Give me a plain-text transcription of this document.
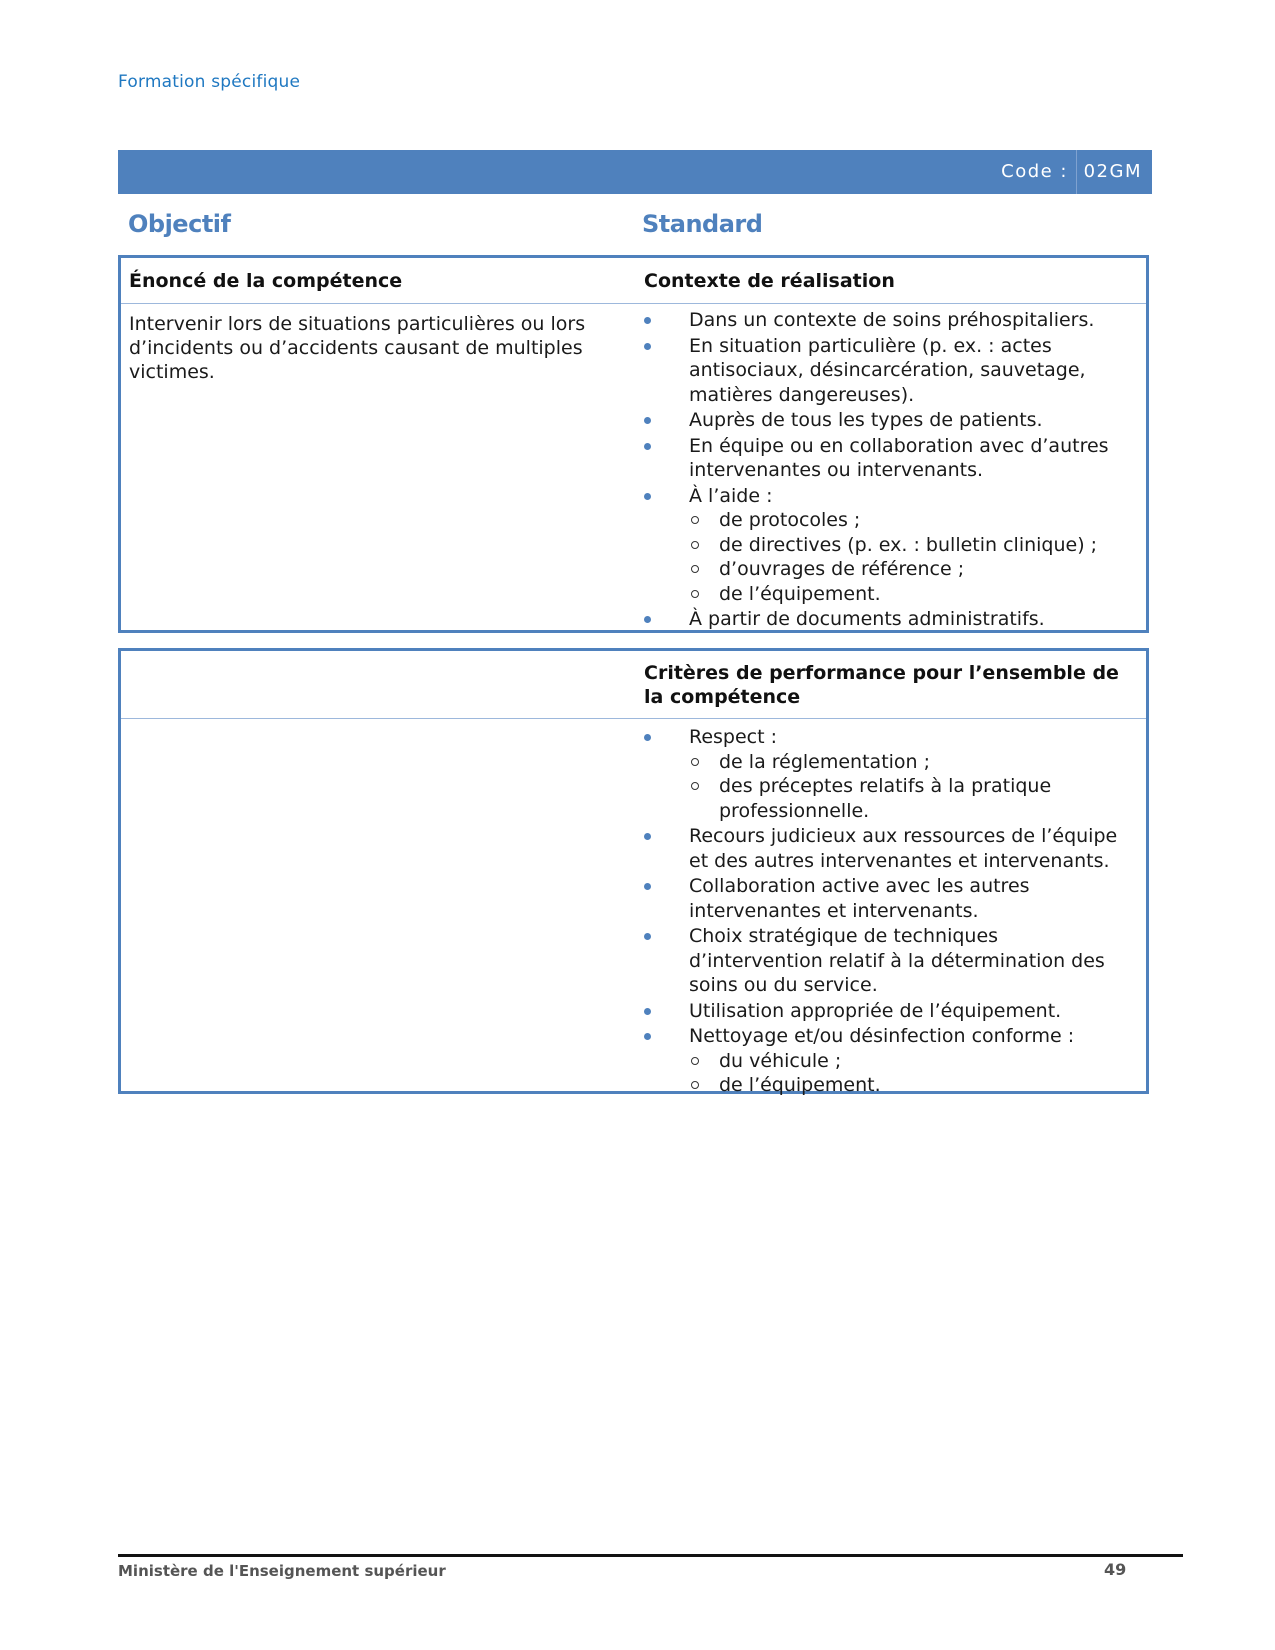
Formation spécifique
Code : 02GM
Objectif	Standard
Énoncé de la compétence	Contexte de réalisation
Intervenir lors de situations particulières ou lors d’incidents ou d’accidents causant de multiples victimes.
Dans un contexte de soins préhospitaliers.
En situation particulière (p. ex. : actes antisociaux, désincarcération, sauvetage, matières dangereuses).
Auprès de tous les types de patients.
En équipe ou en collaboration avec d’autres intervenantes ou intervenants.
À l’aide :
de protocoles ;
de directives (p. ex. : bulletin clinique) ;
d’ouvrages de référence ;
de l’équipement.
À partir de documents administratifs.
Critères de performance pour l’ensemble de la compétence
Respect :
de la réglementation ;
des préceptes relatifs à la pratique professionnelle.
Recours judicieux aux ressources de l’équipe et des autres intervenantes et intervenants.
Collaboration active avec les autres intervenantes et intervenants.
Choix stratégique de techniques d’intervention relatif à la détermination des soins ou du service.
Utilisation appropriée de l’équipement.
Nettoyage et/ou désinfection conforme :
du véhicule ;
de l’équipement.
Ministère de l'Enseignement supérieur	49
